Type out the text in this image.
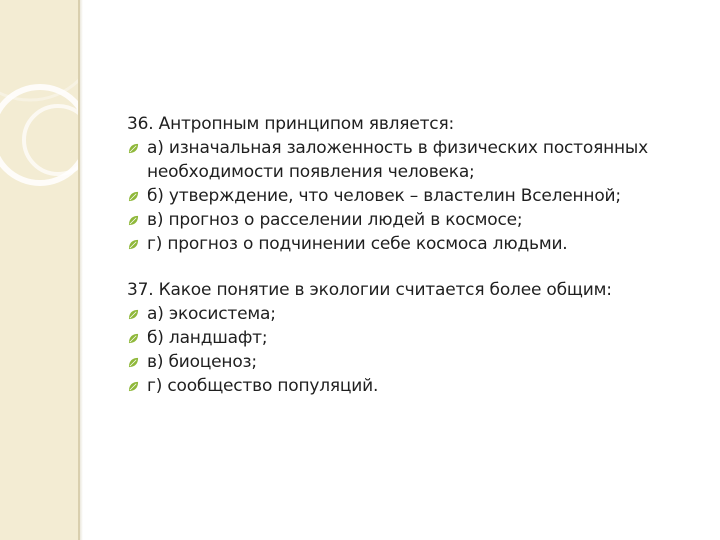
36. Антропным принципом является:

а) изначальная заложенность в физических постоянных необходимости появления человека;
б) утверждение, что человек – властелин Вселенной;
в) прогноз о расселении людей в космосе;
г) прогноз о подчинении себе космоса людьми.

37. Какое понятие в экологии считается более общим:

а) экосистема;
б) ландшафт;
в) биоценоз;
г) сообщество популяций.
